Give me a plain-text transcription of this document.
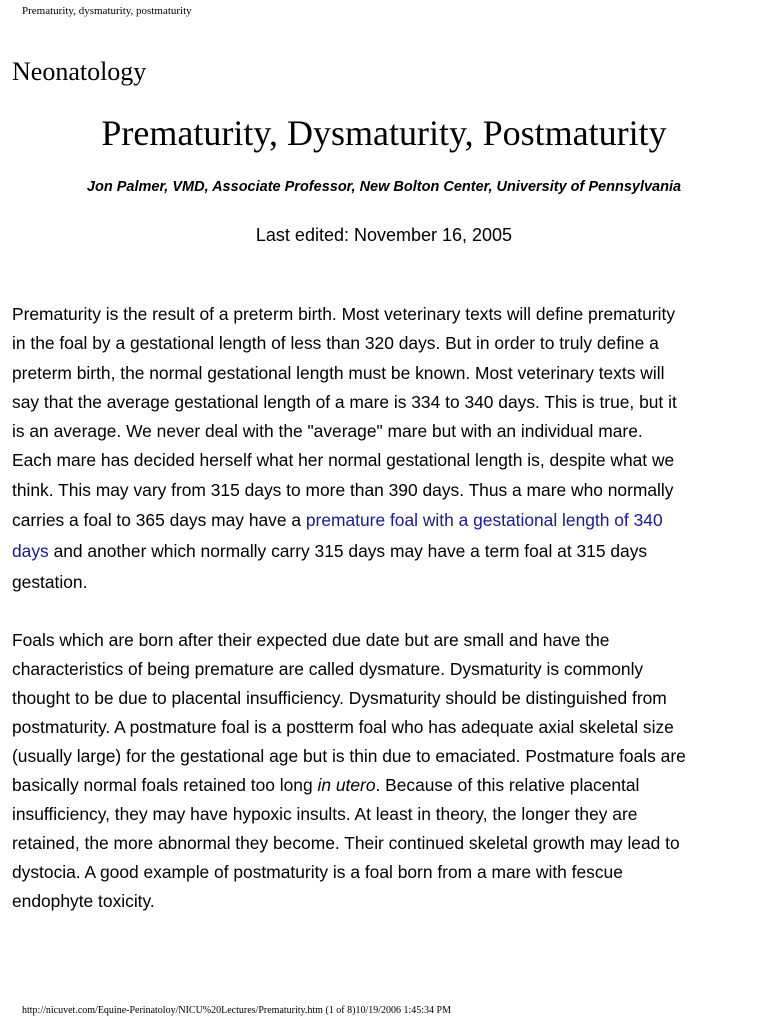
Prematurity, dysmaturity, postmaturity
Neonatology
Prematurity, Dysmaturity, Postmaturity

Jon Palmer, VMD, Associate Professor, New Bolton Center, University of Pennsylvania

Last edited: November 16, 2005

Prematurity is the result of a preterm birth. Most veterinary texts will define prematurity
in the foal by a gestational length of less than 320 days. But in order to truly define a
preterm birth, the normal gestational length must be known. Most veterinary texts will
say that the average gestational length of a mare is 334 to 340 days. This is true, but it
is an average. We never deal with the "average" mare but with an individual mare.
Each mare has decided herself what her normal gestational length is, despite what we
think. This may vary from 315 days to more than 390 days. Thus a mare who normally
carries a foal to 365 days may have a premature foal with a gestational length of 340
days and another which normally carry 315 days may have a term foal at 315 days
gestation.
Foals which are born after their expected due date but are small and have the
characteristics of being premature are called dysmature. Dysmaturity is commonly
thought to be due to placental insufficiency. Dysmaturity should be distinguished from
postmaturity. A postmature foal is a postterm foal who has adequate axial skeletal size
(usually large) for the gestational age but is thin due to emaciated. Postmature foals are
basically normal foals retained too long in utero. Because of this relative placental
insufficiency, they may have hypoxic insults. At least in theory, the longer they are
retained, the more abnormal they become. Their continued skeletal growth may lead to
dystocia. A good example of postmaturity is a foal born from a mare with fescue
endophyte toxicity.
http://nicuvet.com/Equine-Perinatoloy/NICU%20Lectures/Prematurity.htm (1 of 8)10/19/2006 1:45:34 PM
